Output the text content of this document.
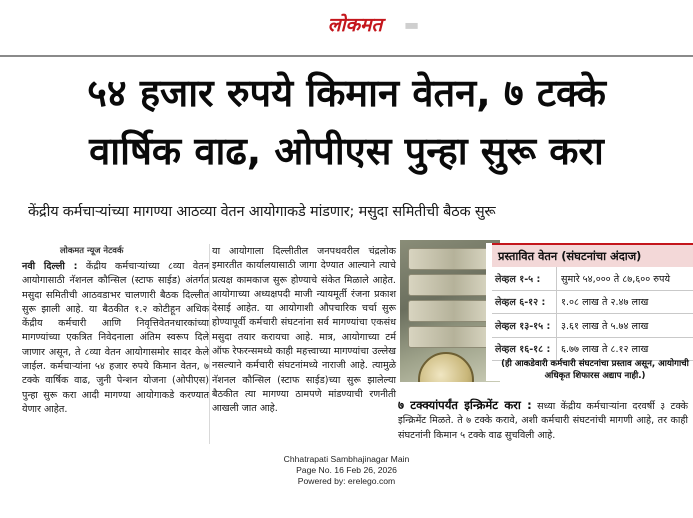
लोकमत	▬
५४ हजार रुपये किमान वेतन, ७ टक्के
वार्षिक वाढ, ओपीएस पुन्हा सुरू करा
केंद्रीय कर्मचाऱ्यांच्या मागण्या आठव्या वेतन आयोगाकडे मांडणार; मसुदा समितीची बैठक सुरू
लोकमत न्यूज नेटवर्क
नवी दिल्ली : केंद्रीय कर्मचाऱ्यांच्या ८व्या वेतन आयोगासाठी नॅशनल कौन्सिल (स्टाफ साईड) अंतर्गत मसुदा समितीची आठवडाभर चालणारी बैठक दिल्लीत सुरू झाली आहे. या बैठकीत १.२ कोटीहून अधिक केंद्रीय कर्मचारी आणि निवृत्तिवेतनधारकांच्या मागण्यांच्या एकत्रित निवेदनाला अंतिम स्वरूप दिले जाणार असून, ते ८व्या वेतन आयोगासमोर सादर केले जाईल. कर्मचाऱ्यांना ५४ हजार रुपये किमान वेतन, ७ टक्के वार्षिक वाढ, जुनी पेन्शन योजना (ओपीएस) पुन्हा सुरू करा आदी मागण्या आयोगाकडे करण्यात येणार आहेत.
या आयोगाला दिल्लीतील जनपथवरील चंद्रलोक इमारतीत कार्यालयासाठी जागा देण्यात आल्याने त्याचे प्रत्यक्ष कामकाज सुरू होण्याचे संकेत मिळाले आहेत. आयोगाच्या अध्यक्षपदी माजी न्यायमूर्ती रंजना प्रकाश देसाई आहेत. या आयोगाशी औपचारिक चर्चा सुरू होण्यापूर्वी कर्मचारी संघटनांना सर्व मागण्यांचा एकसंध मसुदा तयार करायचा आहे. मात्र, आयोगाच्या टर्म ऑफ रेफरन्समध्ये काही महत्त्वाच्या मागण्यांचा उल्लेख नसल्याने कर्मचारी संघटनांमध्ये नाराजी आहे. त्यामुळे नॅशनल कौन्सिल (स्टाफ साईड)च्या सुरू झालेल्या बैठकीत त्या मागण्या ठामपणे मांडण्याची रणनीती आखली जात आहे.
प्रस्तावित वेतन (संघटनांचा अंदाज)
लेव्हल १-५ :	सुमारे ५४,००० ते ८७,६०० रुपये
लेव्हल ६-१२ :	१.०८ लाख ते २.४७ लाख
लेव्हल १३-१५ :	३.६१ लाख ते ५.७४ लाख
लेव्हल १६-१८ :	६.७७ लाख ते ८.१२ लाख
(ही आकडेवारी कर्मचारी संघटनांचा प्रस्ताव असून, आयोगाची अधिकृत शिफारस अद्याप नाही.)
७ टक्क्यांपर्यंत इन्क्रिमेंट करा : सध्या केंद्रीय कर्मचाऱ्यांना दरवर्षी ३ टक्के इन्क्रिमेंट मिळते. ते ७ टक्के करावे, अशी कर्मचारी संघटनांची मागणी आहे, तर काही संघटनांनी किमान ५ टक्के वाढ सुचविली आहे.
Chhatrapati Sambhajinagar Main
Page No. 16 Feb 26, 2026
Powered by: erelego.com
